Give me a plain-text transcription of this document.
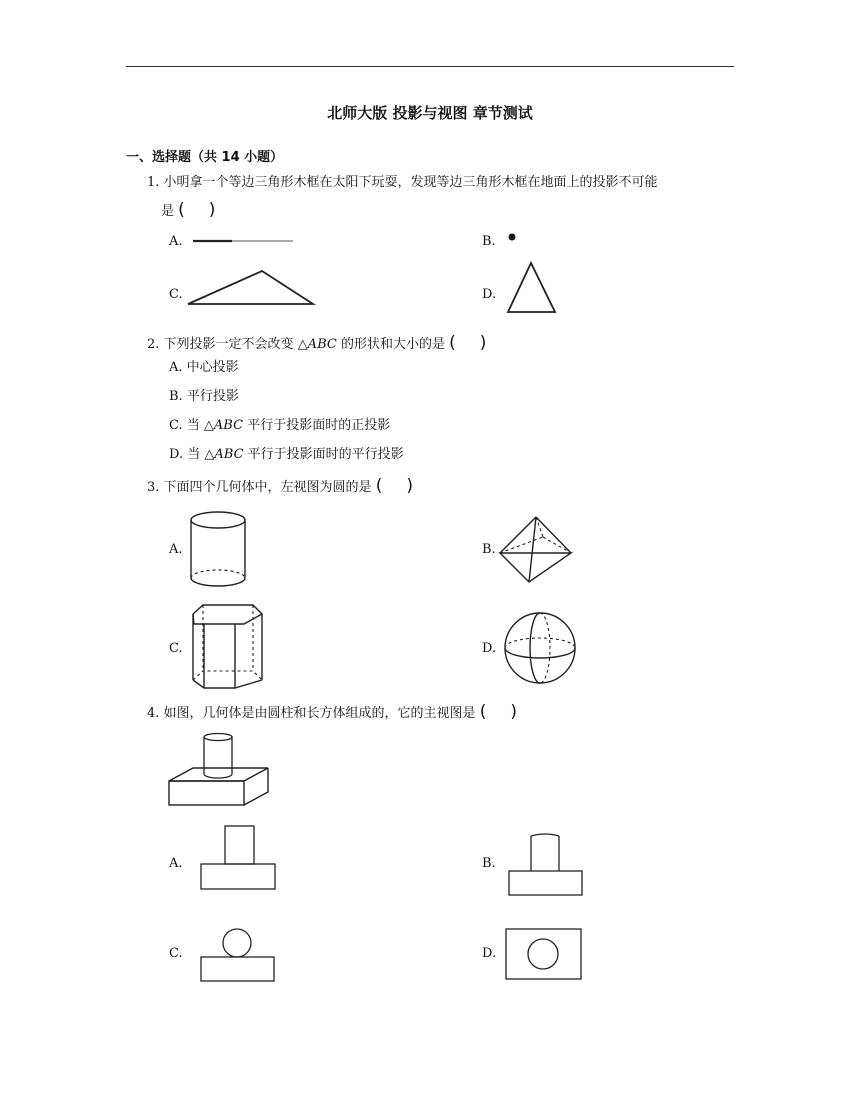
北师大版 投影与视图 章节测试
一、选择题（共 14 小题）
1. 小明拿一个等边三角形木框在太阳下玩耍，发现等边三角形木框在地面上的投影不可能
是 ( )
A.	B.
C.	D.
2. 下列投影一定不会改变 △ABC 的形状和大小的是 ( )
A. 中心投影
B. 平行投影
C. 当 △ABC 平行于投影面时的正投影
D. 当 △ABC 平行于投影面时的平行投影
3. 下面四个几何体中，左视图为圆的是 ( )
A.	B.
C.	D.
4. 如图，几何体是由圆柱和长方体组成的，它的主视图是 ( )
A.	B.
C.	D.
